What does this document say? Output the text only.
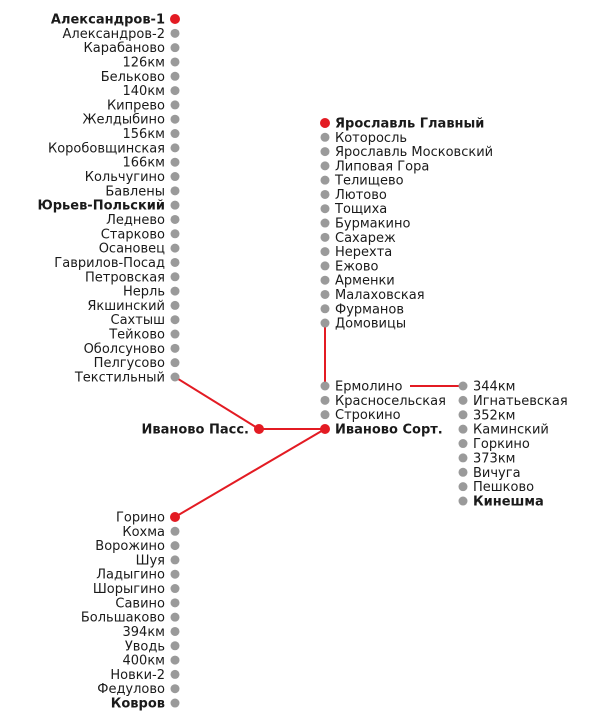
Александров-1
Александров-2
Карабаново
126км
Бельково
140км
Кипрево
Желдыбино
156км
Коробовщинская
166км
Кольчугино
Бавлены
Юрьев-Польский
Леднево
Старково
Осановец
Гаврилов-Посад
Петровская
Нерль
Якшинский
Сахтыш
Тейково
Оболсуново
Пелгусово
Текстильный
Ярославль Главный
Которосль
Ярославль Московский
Липовая Гора
Телищево
Лютово
Тощиха
Бурмакино
Сахареж
Нерехта
Ежово
Арменки
Малаховская
Фурманов
Домовицы
Ермолино
Красносельская
Строкино
Иваново Сорт.
344км
Игнатьевская
352км
Каминский
Горкино
373км
Вичуга
Пешково
Кинешма
Горино
Кохма
Ворожино
Шуя
Ладыгино
Шорыгино
Савино
Большаково
394км
Уводь
400км
Новки-2
Федулово
Ковров
Иваново Пасс.
